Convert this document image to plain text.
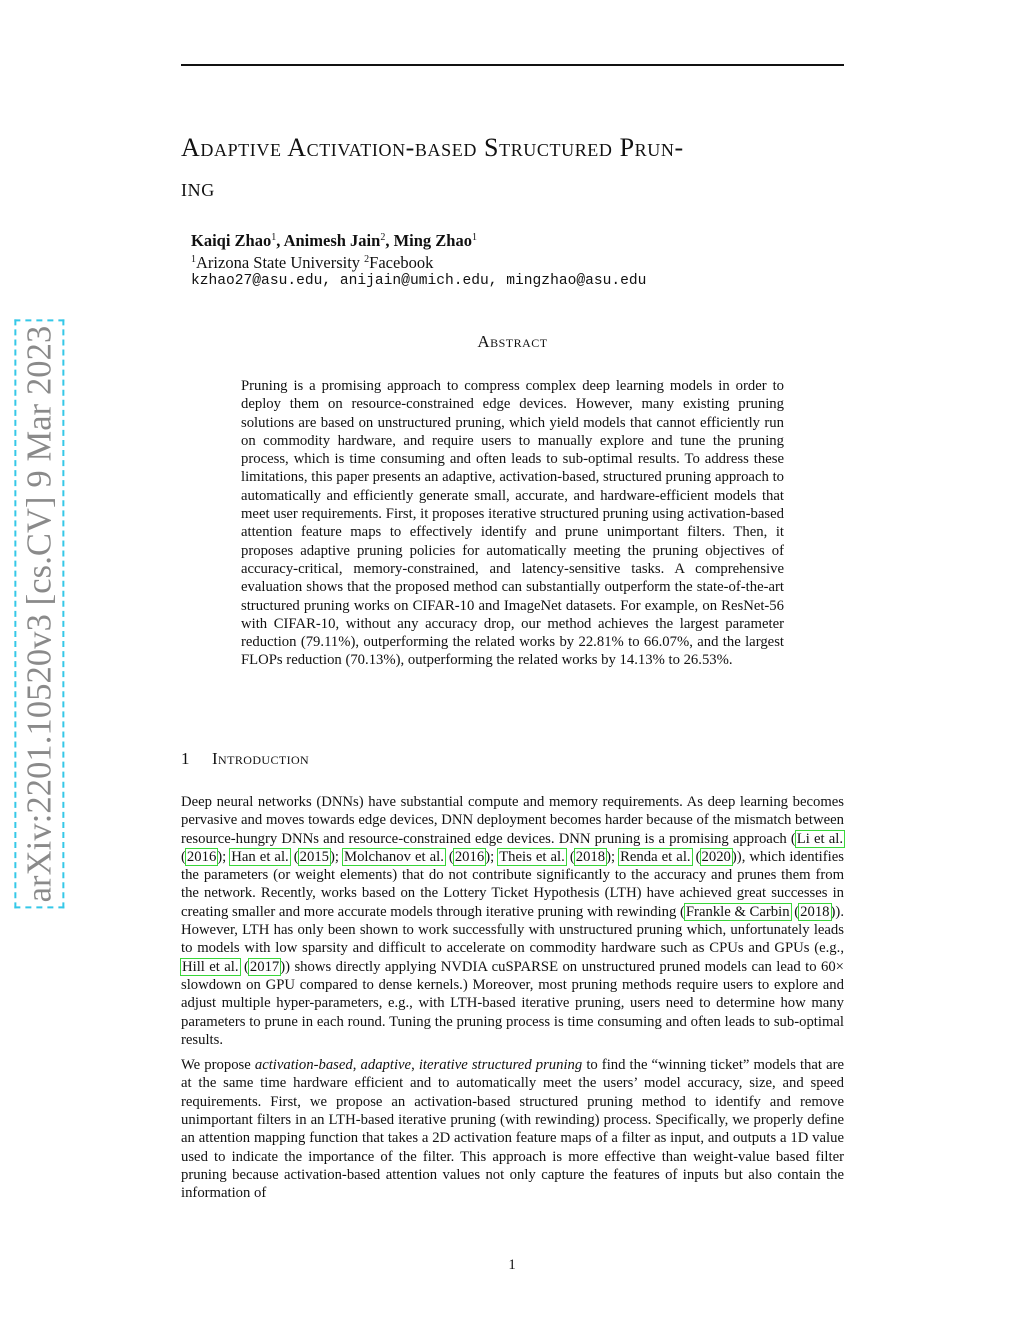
arXiv:2201.10520v3 [cs.CV] 9 Mar 2023
Adaptive Activation-based Structured Prun-
ing
Kaiqi Zhao$^1$, Animesh Jain$^2$, Ming Zhao$^1$
$^1$Arizona State University $^2$Facebook
kzhao27@asu.edu, anijain@umich.edu, mingzhao@asu.edu
Abstract

Pruning is a promising approach to compress complex deep learning models in order to deploy them on resource-constrained edge devices. However, many existing pruning solutions are based on unstructured pruning, which yield models that cannot efficiently run on commodity hardware, and require users to manually explore and tune the pruning process, which is time consuming and often leads to sub-optimal results. To address these limitations, this paper presents an adaptive, activation-based, structured pruning approach to automatically and efficiently generate small, accurate, and hardware-efficient models that meet user requirements. First, it proposes iterative structured pruning using activation-based attention feature maps to effectively identify and prune unimportant filters. Then, it proposes adaptive pruning policies for automatically meeting the pruning objectives of accuracy-critical, memory-constrained, and latency-sensitive tasks. A comprehensive evaluation shows that the proposed method can substantially outperform the state-of-the-art structured pruning works on CIFAR-10 and ImageNet datasets. For example, on ResNet-56 with CIFAR-10, without any accuracy drop, our method achieves the largest parameter reduction (79.11%), outperforming the related works by 22.81% to 66.07%, and the largest FLOPs reduction (70.13%), outperforming the related works by 14.13% to 26.53%.

1 Introduction

Deep neural networks (DNNs) have substantial compute and memory requirements. As deep learning becomes pervasive and moves towards edge devices, DNN deployment becomes harder because of the mismatch between resource-hungry DNNs and resource-constrained edge devices. DNN pruning is a promising approach (Li et al. (2016); Han et al. (2015); Molchanov et al. (2016); Theis et al. (2018); Renda et al. (2020)), which identifies the parameters (or weight elements) that do not contribute significantly to the accuracy and prunes them from the network. Recently, works based on the Lottery Ticket Hypothesis (LTH) have achieved great successes in creating smaller and more accurate models through iterative pruning with rewinding (Frankle & Carbin (2018)). However, LTH has only been shown to work successfully with unstructured pruning which, unfortunately leads to models with low sparsity and difficult to accelerate on commodity hardware such as CPUs and GPUs (e.g., Hill et al. (2017)) shows directly applying NVDIA cuSPARSE on unstructured pruned models can lead to 60× slowdown on GPU compared to dense kernels.) Moreover, most pruning methods require users to explore and adjust multiple hyper-parameters, e.g., with LTH-based iterative pruning, users need to determine how many parameters to prune in each round. Tuning the pruning process is time consuming and often leads to sub-optimal results.

We propose activation-based, adaptive, iterative structured pruning to find the “winning ticket” models that are at the same time hardware efficient and to automatically meet the users’ model accuracy, size, and speed requirements. First, we propose an activation-based structured pruning method to identify and remove unimportant filters in an LTH-based iterative pruning (with rewinding) process. Specifically, we properly define an attention mapping function that takes a 2D activation feature maps of a filter as input, and outputs a 1D value used to indicate the importance of the filter. This approach is more effective than weight-value based filter pruning because activation-based attention values not only capture the features of inputs but also contain the information of

1
